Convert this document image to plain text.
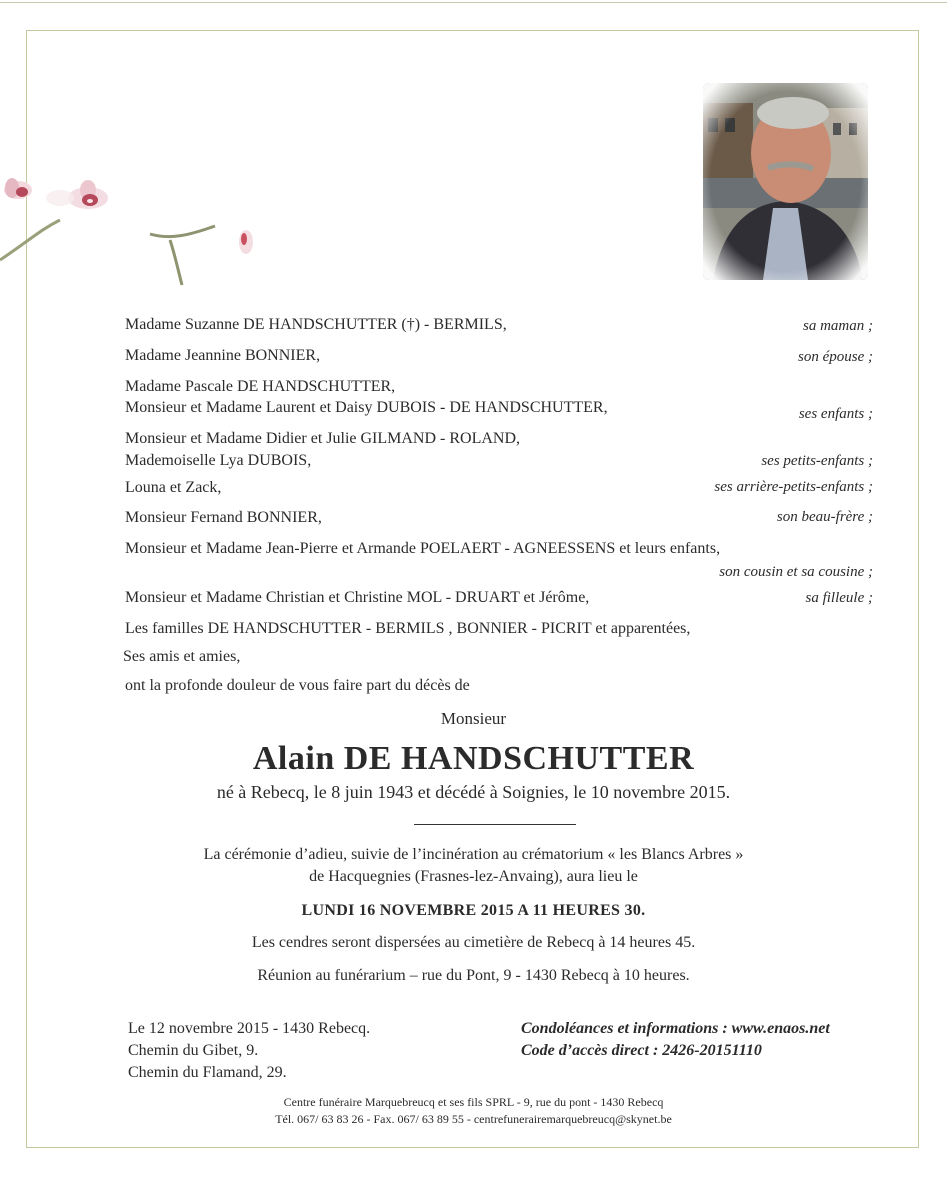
Madame Suzanne DE HANDSCHUTTER (†) - BERMILS,	sa maman ;
Madame Jeannine BONNIER,	son épouse ;
Madame Pascale DE HANDSCHUTTER,
Monsieur et Madame Laurent et Daisy DUBOIS - DE HANDSCHUTTER,	ses enfants ;
Monsieur et Madame Didier et Julie GILMAND - ROLAND,
Mademoiselle Lya DUBOIS,	ses petits-enfants ;
Louna et Zack,	ses arrière-petits-enfants ;
Monsieur Fernand BONNIER,	son beau-frère ;
Monsieur et Madame Jean-Pierre et Armande POELAERT - AGNEESSENS et leurs enfants,
son cousin et sa cousine ;
Monsieur et Madame Christian et Christine MOL - DRUART et Jérôme,	sa filleule ;
Les familles DE HANDSCHUTTER - BERMILS , BONNIER - PICRIT et apparentées,
Ses amis et amies,
ont la profonde douleur de vous faire part du décès de
Monsieur
Alain DE HANDSCHUTTER
né à Rebecq, le 8 juin 1943 et décédé à Soignies, le 10 novembre 2015.
La cérémonie d’adieu, suivie de l’incinération au crématorium « les Blancs Arbres »
de Hacquegnies (Frasnes-lez-Anvaing), aura lieu le
LUNDI 16 NOVEMBRE 2015 A 11 HEURES 30.
Les cendres seront dispersées au cimetière de Rebecq à 14 heures 45.
Réunion au funérarium – rue du Pont, 9 - 1430 Rebecq à 10 heures.
Le 12 novembre 2015 - 1430 Rebecq.
Chemin du Gibet, 9.
Chemin du Flamand, 29.
Condoléances et informations : www.enaos.net
Code d’accès direct : 2426-20151110
Centre funéraire Marquebreucq et ses fils SPRL - 9, rue du pont - 1430 Rebecq
Tél. 067/ 63 83 26 - Fax. 067/ 63 89 55 - centrefunerairemarquebreucq@skynet.be
